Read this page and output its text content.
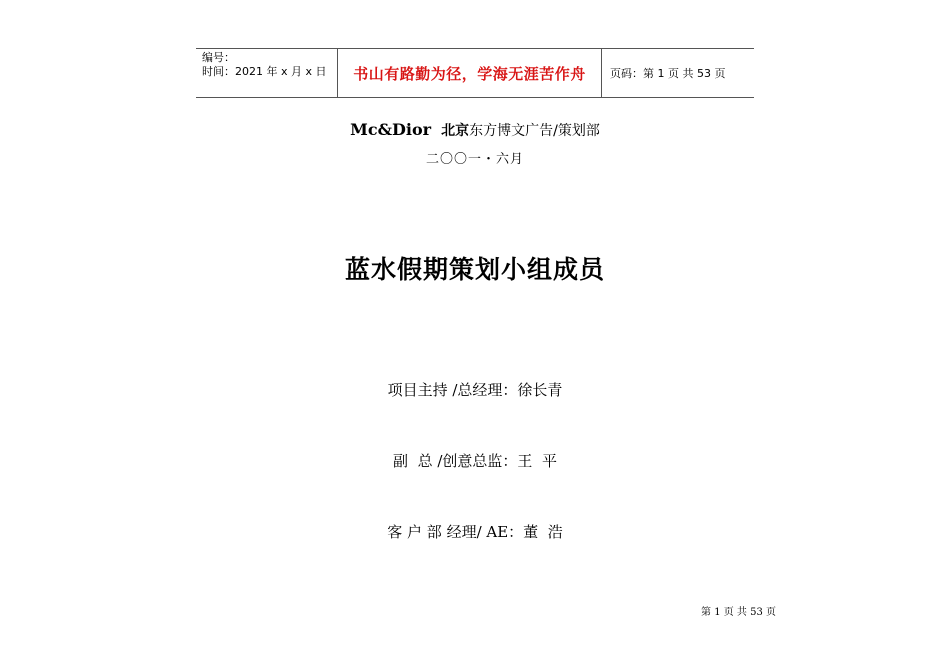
编号：
时间：2021 年 x 月 x 日	书山有路勤为径，学海无涯苦作舟	页码：第 1 页 共 53 页
Mc&Dior 北京东方博文广告/策划部
二〇〇一・六月
蓝水假期策划小组成员
项目主持 /总经理：徐长青
副  总 /创意总监：王  平
客 户 部 经理/ AE：董  浩
第 1 页 共 53 页
